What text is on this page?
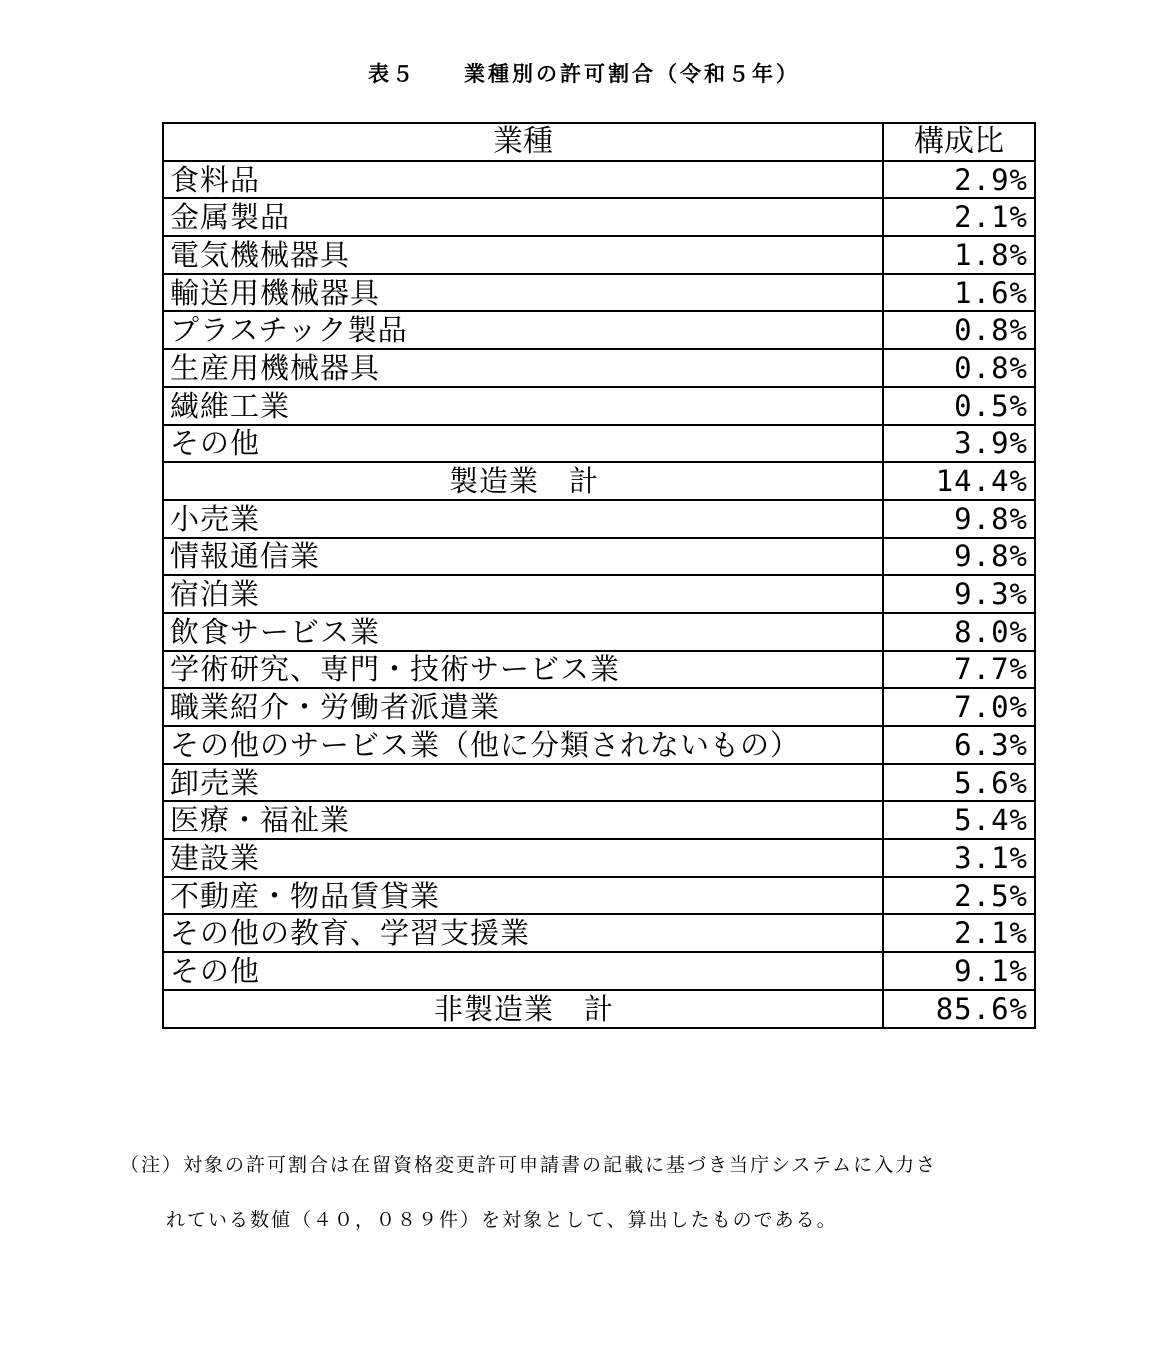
表５ 業種別の許可割合（令和５年）
業種	構成比
食料品	2.9%
金属製品	2.1%
電気機械器具	1.8%
輸送用機械器具	1.6%
プラスチック製品	0.8%
生産用機械器具	0.8%
繊維工業	0.5%
その他	3.9%
製造業　計	14.4%
小売業	9.8%
情報通信業	9.8%
宿泊業	9.3%
飲食サービス業	8.0%
学術研究、専門・技術サービス業	7.7%
職業紹介・労働者派遣業	7.0%
その他のサービス業（他に分類されないもの）	6.3%
卸売業	5.6%
医療・福祉業	5.4%
建設業	3.1%
不動産・物品賃貸業	2.5%
その他の教育、学習支援業	2.1%
その他	9.1%
非製造業　計	85.6%
（注）対象の許可割合は在留資格変更許可申請書の記載に基づき当庁システムに入力さ
れている数値（４０，０８９件）を対象として、算出したものである。
